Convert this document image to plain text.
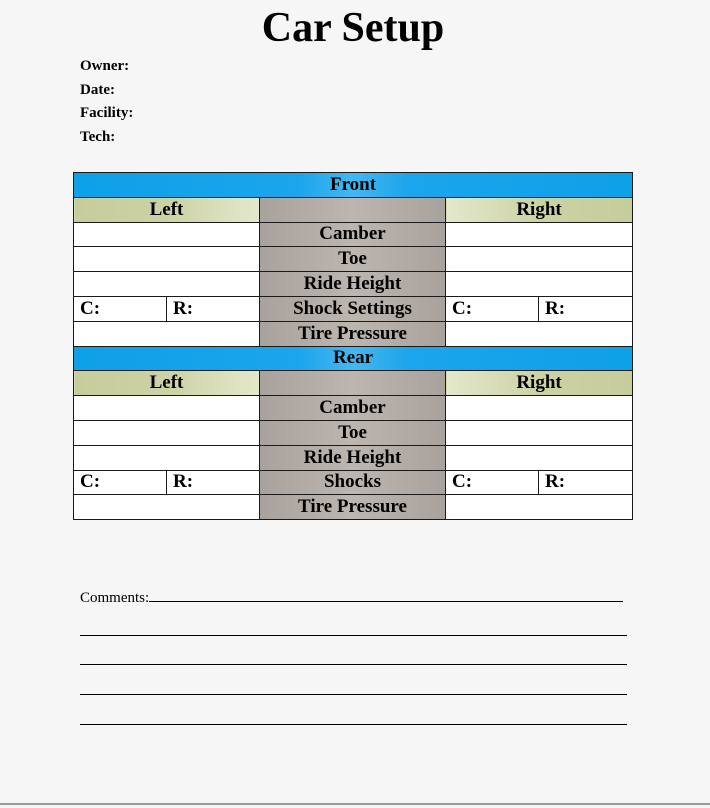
Car Setup
Owner:
Date:
Facility:
Tech:
Front				
Left			Right	
		Camber		
		Toe		
		Ride Height		
C:	R:	Shock Settings	C:	R:
		Tire Pressure		
Rear				
Left			Right	
		Camber		
		Toe		
		Ride Height		
C:	R:	Shocks	C:	R:
		Tire Pressure		
Comments:
